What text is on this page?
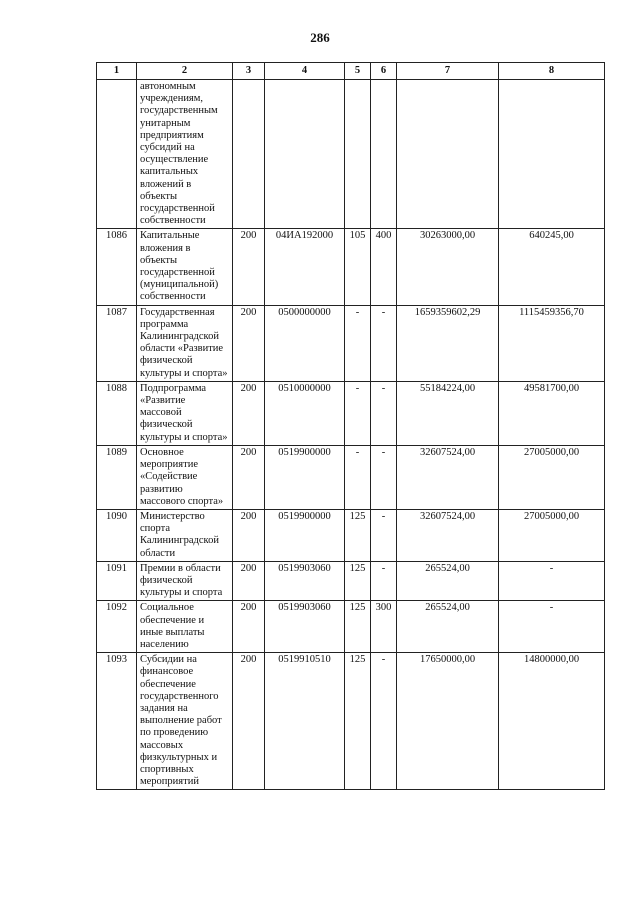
286
1	2	3	4	5	6	7	8
	автономным учреждениям, государственным унитарным предприятиям субсидий на осуществление капитальных вложений в объекты государственной собственности						
1086	Капитальные вложения в объекты государственной (муниципальной) собственности	200	04ИА192000	105	400	30263000,00	640245,00
1087	Государственная программа Калининградской области «Развитие физической культуры и спорта»	200	0500000000	-	-	1659359602,29	1115459356,70
1088	Подпрограмма «Развитие массовой физической культуры и спорта»	200	0510000000	-	-	55184224,00	49581700,00
1089	Основное мероприятие «Содействие развитию массового спорта»	200	0519900000	-	-	32607524,00	27005000,00
1090	Министерство спорта Калининградской области	200	0519900000	125	-	32607524,00	27005000,00
1091	Премии в области физической культуры и спорта	200	0519903060	125	-	265524,00	-
1092	Социальное обеспечение и иные выплаты населению	200	0519903060	125	300	265524,00	-
1093	Субсидии на финансовое обеспечение государственного задания на выполнение работ по проведению массовых физкультурных и спортивных мероприятий	200	0519910510	125	-	17650000,00	14800000,00
